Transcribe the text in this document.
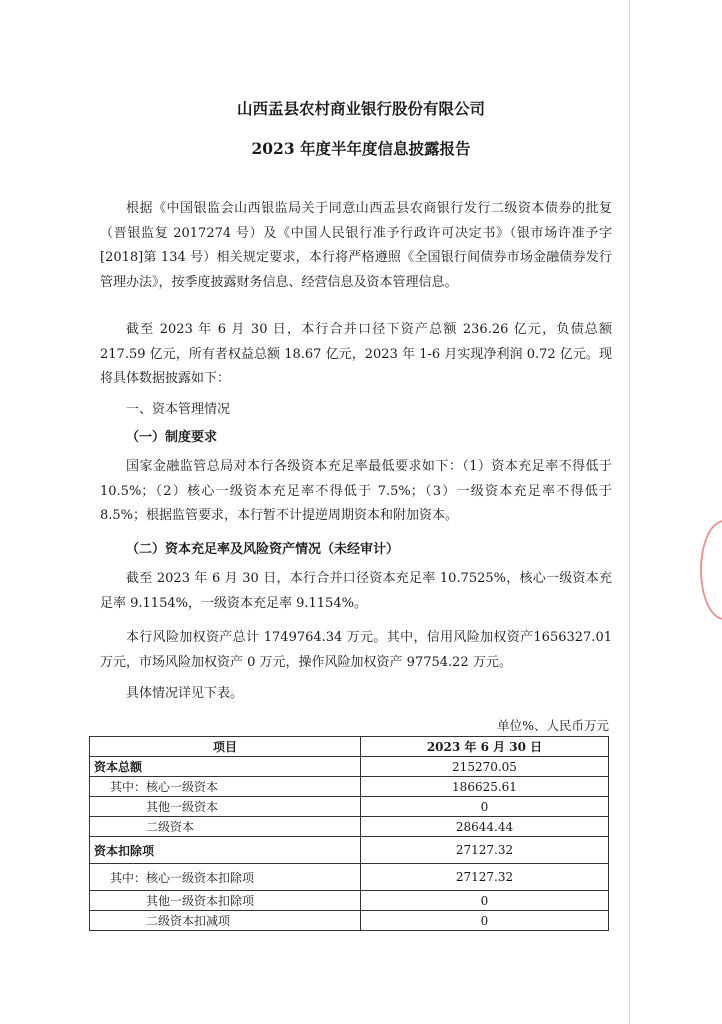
山西盂县农村商业银行股份有限公司
2023 年度半年度信息披露报告

根据《中国银监会山西银监局关于同意山西盂县农商银行发行二级资本债券的批复（晋银监复 2017274 号）及《中国人民银行准予行政许可决定书》（银市场许准予字[2018]第 134 号）相关规定要求，本行将严格遵照《全国银行间债券市场金融债券发行管理办法》，按季度披露财务信息、经营信息及资本管理信息。

截至 2023 年 6 月 30 日，本行合并口径下资产总额 236.26 亿元，负债总额 217.59 亿元，所有者权益总额 18.67 亿元，2023 年 1-6 月实现净利润 0.72 亿元。现将具体数据披露如下：

一、资本管理情况
（一）制度要求

国家金融监管总局对本行各级资本充足率最低要求如下：（1）资本充足率不得低于 10.5%；（2）核心一级资本充足率不得低于 7.5%；（3）一级资本充足率不得低于 8.5%；根据监管要求，本行暂不计提逆周期资本和附加资本。

（二）资本充足率及风险资产情况（未经审计）

截至 2023 年 6 月 30 日，本行合并口径资本充足率 10.7525%，核心一级资本充足率 9.1154%，一级资本充足率 9.1154%。

本行风险加权资产总计 1749764.34 万元。其中，信用风险加权资产1656327.01 万元，市场风险加权资产 0 万元，操作风险加权资产 97754.22 万元。

具体情况详见下表。

单位%、人民币万元
项目	2023 年 6 月 30 日
资本总额	215270.05
其中：核心一级资本	186625.61
其他一级资本	0
二级资本	28644.44
资本扣除项	27127.32
其中：核心一级资本扣除项	27127.32
其他一级资本扣除项	0
二级资本扣减项	0
